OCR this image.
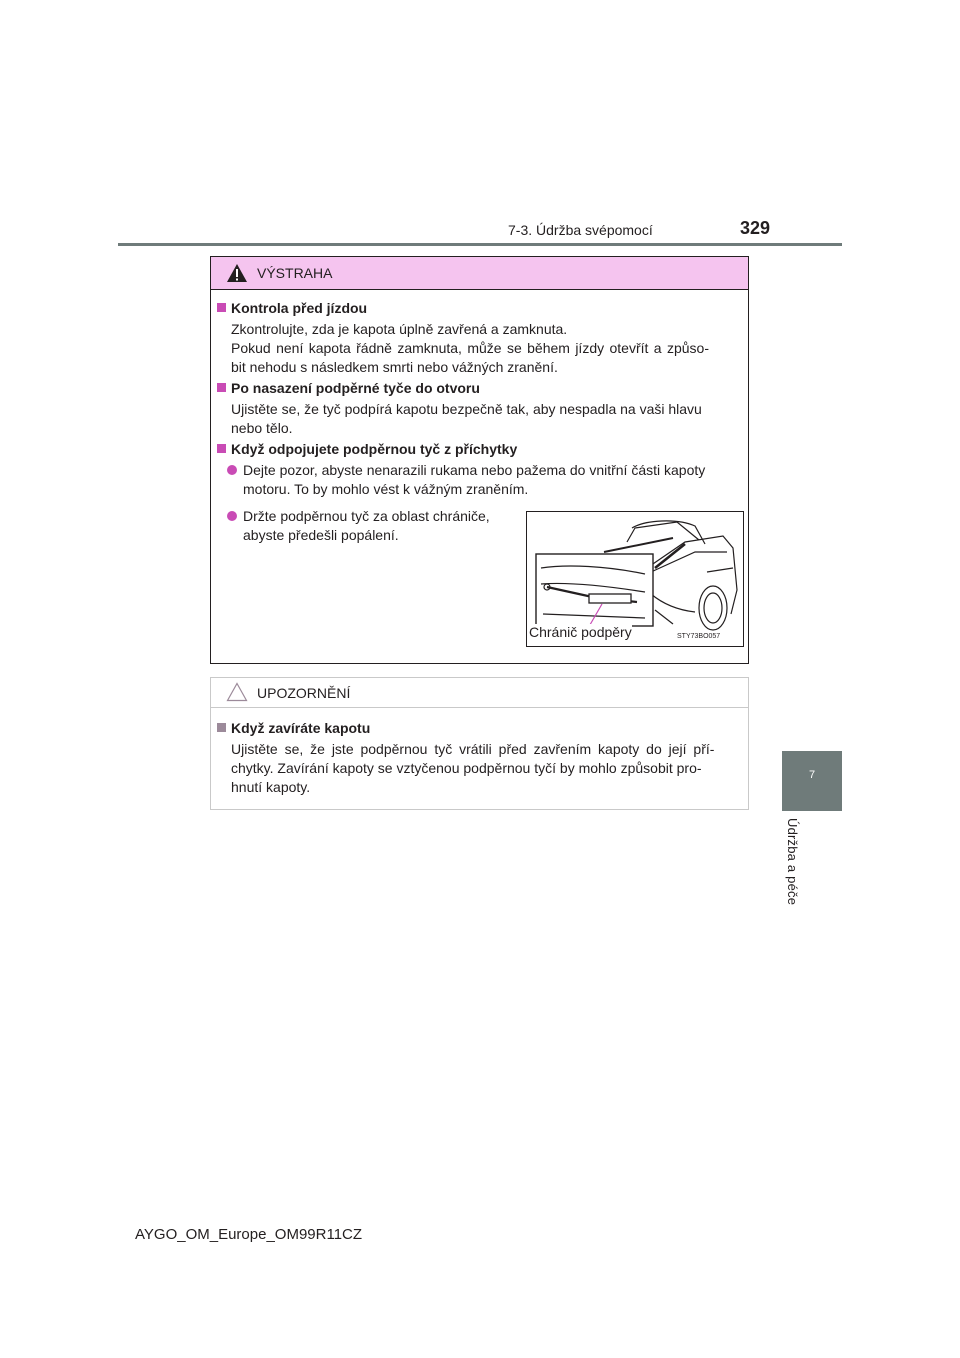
7-3. Údržba svépomocí	329
7
Údržba a péče
VÝSTRAHA
Kontrola před jízdou
Zkontrolujte, zda je kapota úplně zavřená a zamknuta.
Pokud není kapota řádně zamknuta, může se během jízdy otevřít a způso-
bit nehodu s následkem smrti nebo vážných zranění.
Po nasazení podpěrné tyče do otvoru
Ujistěte se, že tyč podpírá kapotu bezpečně tak, aby nespadla na vaši hlavu
nebo tělo.
Když odpojujete podpěrnou tyč z příchytky
Dejte pozor, abyste nenarazili rukama nebo pažema do vnitřní části kapoty
motoru. To by mohlo vést k vážným zraněním.
Držte podpěrnou tyč za oblast chrániče,
abyste předešli popálení.
Chránič podpěry	STY73BO057
UPOZORNĚNÍ
Když zavíráte kapotu
Ujistěte se, že jste podpěrnou tyč vrátili před zavřením kapoty do její pří-
chytky. Zavírání kapoty se vztyčenou podpěrnou tyčí by mohlo způsobit pro-
hnutí kapoty.
AYGO_OM_Europe_OM99R11CZ
